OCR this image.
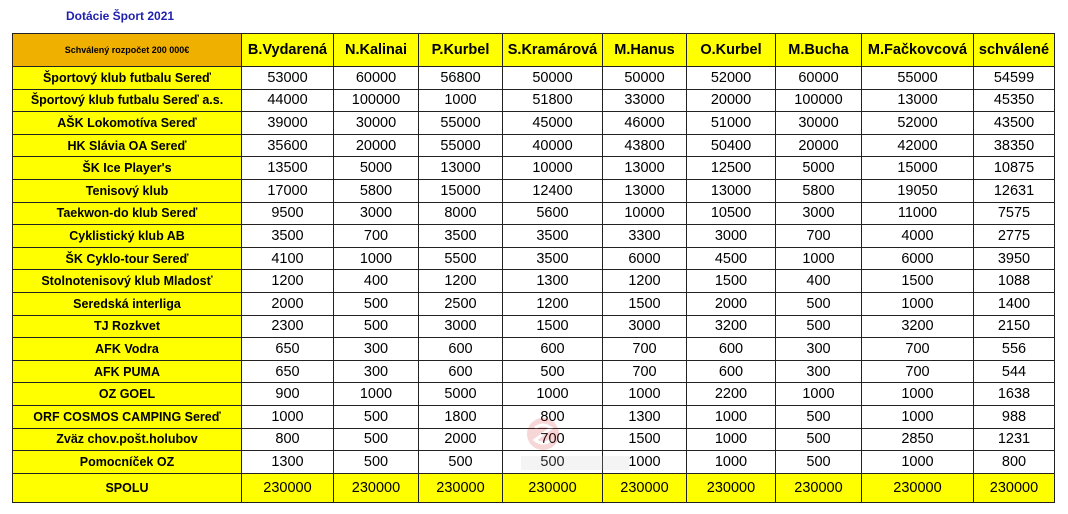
Dotácie Šport 2021
Schválený rozpočet 200 000€	B.Vydarená	N.Kalinai	P.Kurbel	S.Kramárová	M.Hanus	O.Kurbel	M.Bucha	M.Fačkovcová	schválené
Športový klub futbalu Sereď	53000	60000	56800	50000	50000	52000	60000	55000	54599
Športový klub futbalu Sereď a.s.	44000	100000	1000	51800	33000	20000	100000	13000	45350
AŠK Lokomotíva Sereď	39000	30000	55000	45000	46000	51000	30000	52000	43500
HK Slávia OA Sereď	35600	20000	55000	40000	43800	50400	20000	42000	38350
ŠK Ice Player's	13500	5000	13000	10000	13000	12500	5000	15000	10875
Tenisový klub	17000	5800	15000	12400	13000	13000	5800	19050	12631
Taekwon-do klub Sereď	9500	3000	8000	5600	10000	10500	3000	11000	7575
Cyklistický klub AB	3500	700	3500	3500	3300	3000	700	4000	2775
ŠK Cyklo-tour Sereď	4100	1000	5500	3500	6000	4500	1000	6000	3950
Stolnotenisový klub Mladosť	1200	400	1200	1300	1200	1500	400	1500	1088
Seredská interliga	2000	500	2500	1200	1500	2000	500	1000	1400
TJ Rozkvet	2300	500	3000	1500	3000	3200	500	3200	2150
AFK Vodra	650	300	600	600	700	600	300	700	556
AFK PUMA	650	300	600	500	700	600	300	700	544
OZ GOEL	900	1000	5000	1000	1000	2200	1000	1000	1638
ORF COSMOS CAMPING Sereď	1000	500	1800	800	1300	1000	500	1000	988
Zväz chov.pošt.holubov	800	500	2000	700	1500	1000	500	2850	1231
Pomocníček OZ	1300	500	500	500	1000	1000	500	1000	800
SPOLU	230000	230000	230000	230000	230000	230000	230000	230000	230000
